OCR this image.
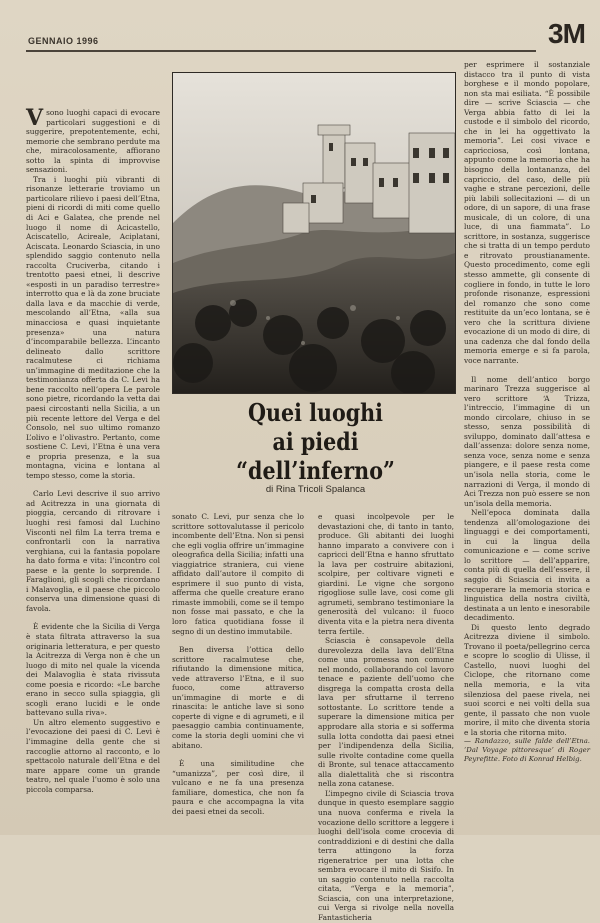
GENNAIO 1996	3M

Vsono luoghi capaci di evocare particolari suggestioni e di suggerire, prepotentemente, echi, memorie che sembrano perdute ma che, miracolosamente, affiorano sotto la spinta di improvvise sensazioni.

Tra i luoghi più vibranti di risonanze letterarie troviamo un particolare rilievo i paesi dell’Etna, pieni di ricordi di miti come quello di Aci e Galatea, che prende nel luogo il nome di Acicastello, Aciscatello, Acireale, Aciplatani, Aciscata. Leonardo Sciascia, in uno splendido saggio contenuto nella raccolta Cruciverba, citando i trentotto paesi etnei, li descrive «esposti in un paradiso terrestre» interrotto qua e là da zone bruciate dalla lava e da macchie di verde, mescolando all’Etna, «alla sua minacciosa e quasi inquietante presenza» una natura d’incomparabile bellezza. L’incanto delineato dallo scrittore racalmutese ci richiama un’immagine di meditazione che la testimonianza offerta da C. Levi ha bene raccolto nell’opera Le parole sono pietre, ricordando la vetta dai paesi circostanti nella Sicilia, a un più recente lettore del Verga e del Consolo, nel suo ultimo romanzo L’olivo e l’olivastro. Pertanto, come sostiene C. Levi, l’Etna è una vera e propria presenza, e la sua montagna, vicina e lontana al tempo stesso, come la storia.

Carlo Levi descrive il suo arrivo ad Acitrezza in una giornata di pioggia, cercando di ritrovare i luoghi resi famosi dal Luchino Visconti nel film La terra trema e confrontarli con la narrativa verghiana, cui la fantasia popolare ha dato forma e vita: l’incontro col paese e la gente lo sorprende. I Faraglioni, gli scogli che ricordano i Malavoglia, e il paese che piccolo conserva una dimensione quasi di favola.

È evidente che la Sicilia di Verga è stata filtrata attraverso la sua originaria letteratura, e per questo la Acitrezza di Verga non è che un luogo di mito nel quale la vicenda dei Malavoglia è stata rivissuta come poesia e ricordo: «Le barche erano in secco sulla spiaggia, gli scogli erano lucidi e le onde battevano sulla riva».

Un altro elemento suggestivo e l’evocazione dei paesi di C. Levi è l’immagine della gente che si raccoglie attorno al racconto, e lo spettacolo naturale dell’Etna e del mare appare come un grande teatro, nel quale l’uomo è solo una piccola comparsa.

Quei luoghi
ai piedi “dell’inferno”
di Rina Tricoli Spalanca

sonato C. Levi, pur senza che lo scrittore sottovalutasse il pericolo incombente dell’Etna. Non si pensi che egli voglia offrire un’immagine oleografica della Sicilia; infatti una viaggiatrice straniera, cui viene affidato dall’autore il compito di esprimere il suo punto di vista, afferma che quelle creature erano rimaste immobili, come se il tempo non fosse mai passato, e che la loro fatica quotidiana fosse il segno di un destino immutabile.

Ben diversa l’ottica dello scrittore racalmutese che, rifiutando la dimensione mitica, vede attraverso l’Etna, e il suo fuoco, come attraverso un’immagine di morte e di rinascita: le antiche lave si sono coperte di vigne e di agrumeti, e il paesaggio cambia continuamente, come la storia degli uomini che vi abitano.

È una similitudine che “umanizza”, per così dire, il vulcano e ne fa una presenza familiare, domestica, che non fa paura e che accompagna la vita dei paesi etnei da secoli.

e quasi incolpevole per le devastazioni che, di tanto in tanto, produce. Gli abitanti dei luoghi hanno imparato a convivere con i capricci dell’Etna e hanno sfruttato la lava per costruire abitazioni, scolpire, per coltivare vigneti e giardini. Le vigne che sorgono rigogliose sulle lave, cosi come gli agrumeti, sembrano testimoniare la generosità del vulcano: il fuoco diventa vita e la pietra nera diventa terra fertile.

Sciascia è consapevole della durevolezza della lava dell’Etna come una promessa non comune nel mondo, collaborando col lavoro tenace e paziente dell’uomo che disgrega la compatta crosta della lava per sfruttarne il terreno sottostante. Lo scrittore tende a superare la dimensione mitica per approdare alla storia e si sofferma sulla lotta condotta dai paesi etnei per l’indipendenza della Sicilia, sulle rivolte contadine come quella di Bronte, sul tenace attaccamento alla dialettalità che si riscontra nella zona catanese.

L’impegno civile di Sciascia trova dunque in questo esemplare saggio una nuova conferma e rivela la vocazione dello scrittore a leggere i luoghi dell’isola come crocevia di contraddizioni e di destini che dalla terra attingono la forza rigeneratrice per una lotta che sembra evocare il mito di Sisifo. In un saggio contenuto nella raccolta citata, “Verga e la memoria”, Sciascia, con una interpretazione, cui Verga si rivolge nella novella Fantasticheria

per esprimere il sostanziale distacco tra il punto di vista borghese e il mondo popolare, non sta mai esiliata. “È possibile dire — scrive Sciascia — che Verga abbia fatto di lei la custode e il simbolo del ricordo, che in lei ha oggettivato la memoria”. Lei cosi vivace e capricciosa, così lontana, appunto come la memoria che ha bisogno della lontananza, del capriccio, del caso, delle più vaghe e strane percezioni, delle più labili sollecitazioni — di un odore, di un sapore, di una frase musicale, di un colore, di una luce, di una fiammata”. Lo scrittore, in sostanza, suggerisce che si tratta di un tempo perduto e ritrovato proustianamente. Questo procedimento, come egli stesso ammette, gli consente di cogliere in fondo, in tutte le loro profonde risonanze, espressioni del romanzo che sono come restituite da un’eco lontana, se è vero che la scrittura diviene evocazione di un modo di dire, di una cadenza che dal fondo della memoria emerge e si fa parola, voce narrante.

Il nome dell’antico borgo marinaro Trezza suggerisce al vero scrittore ‘A Trizza, l’intreccio, l’immagine di un mondo circolare, chiuso in se stesso, senza possibilità di sviluppo, dominato dall’attesa e dall’assenza: dolore senza nome, senza voce, senza nome e senza piangere, e il paese resta come un’isola nella storia, come le narrazioni di Verga, il mondo di Aci Trezza non può essere se non un’isola della memoria.

Nell’epoca dominata dalla tendenza all’omologazione dei linguaggi e dei comportamenti, in cui la lingua della comunicazione e — come scrive lo scrittore — dell’apparire, conta più di quella dell’essere, il saggio di Sciascia ci invita a recuperare la memoria storica e linguistica della nostra civiltà, destinata a un lento e inesorabile decadimento.

Di questo lento degrado Acitrezza diviene il simbolo. Trovano il poeta/pellegrino cerca e scopre lo scoglio di Ulisse, il Castello, nuovi luoghi del Ciclope, che ritornano come nella memoria, e la vita silenziosa del paese rivela, nei suoi scorci e nei volti della sua gente, il passato che non vuole morire, il mito che diventa storia e la storia che ritorna mito.

— Randazzo, sulle falde dell’Etna. ‘Dal Voyage pittoresque’ di Roger Peyrefitte. Foto di Konrad Helbig.
